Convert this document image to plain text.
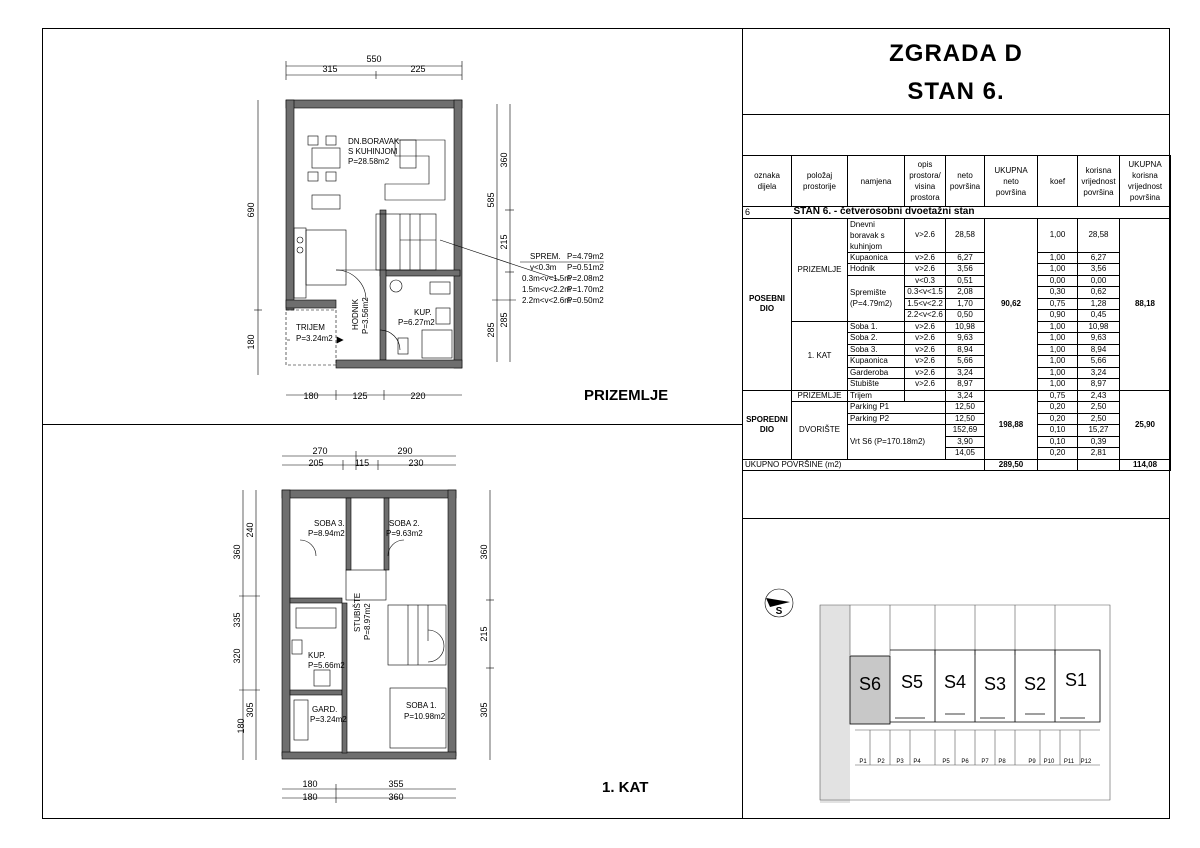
ZGRADA D
STAN 6.
PRIZEMLJE
1. KAT
550
315	225
690
180
585
285
360
215
285
180	125	220
DN.BORAVAK
S KUHINJOM
P=28.58m2
HODNIK P=3.56m2	KUP.
P=6.27m2
TRIJEM
P=3.24m2
SPREM. P=4.79m2
v<0.3m P=0.51m2
0.3m<v<1.5m
P=2.08m2
1.5m<v<2.2m
P=1.70m2
2.2m<v<2.6m
P=0.50m2
270	290
205	115	230
360
335
320
240
180
305
360
215
305
180	355
180	360
SOBA 3.
P=8.94m2
SOBA 2.
P=9.63m2
STUBIŠTE P=8.97m2
KUP.
P=5.66m2
GARD.
P=3.24m2
SOBA 1.
P=10.98m2
oznaka dijela	položaj prostorije	namjena	opis prostora/ visina prostora	neto površina	UKUPNA neto površina	koef	korisna vrijednost površina	UKUPNA korisna vrijednost površina
6	STAN 6. - četverosobni dvoetažni stan							
POSEBNI DIO	PRIZEMLJE	Dnevni boravak s kuhinjom	v>2.6	28,58	90,62	1,00	28,58	88,18
		Kupaonica	v>2.6	6,27		1,00	6,27	
		Hodnik	v>2.6	3,56		1,00	3,56	
		Spremište (P=4.79m2)	v<0.3	0,51		0,00	0,00	
			0.3<v<1.5	2,08		0,30	0,62	
			1.5<v<2.2	1,70		0,75	1,28	
			2.2<v<2.6	0,50		0,90	0,45	
	1. KAT	Soba 1.	v>2.6	10,98		1,00	10,98	
		Soba 2.	v>2.6	9,63		1,00	9,63	
		Soba 3.	v>2.6	8,94		1,00	8,94	
		Kupaonica	v>2.6	5,66		1,00	5,66	
		Garderoba	v>2.6	3,24		1,00	3,24	
		Stubište	v>2.6	8,97		1,00	8,97	
SPOREDNI DIO	PRIZEMLJE	Trijem		3,24	198,88	0,75	2,43	25,90
	DVORIŠTE	Parking P1		12,50		0,20	2,50	
		Parking P2		12,50		0,20	2,50	
		Vrt S6 (P=170.18m2)		152,69		0,10	15,27	
				3,90		0,10	0,39	
				14,05		0,20	2,81	
UKUPNO POVRŠINE (m2)					289,50			114,08
S
S6 S5 S4 S3 S2 S1
P1 P2 P3 P4	P5 P6 P7 P8	P9 P10 P11 P12
